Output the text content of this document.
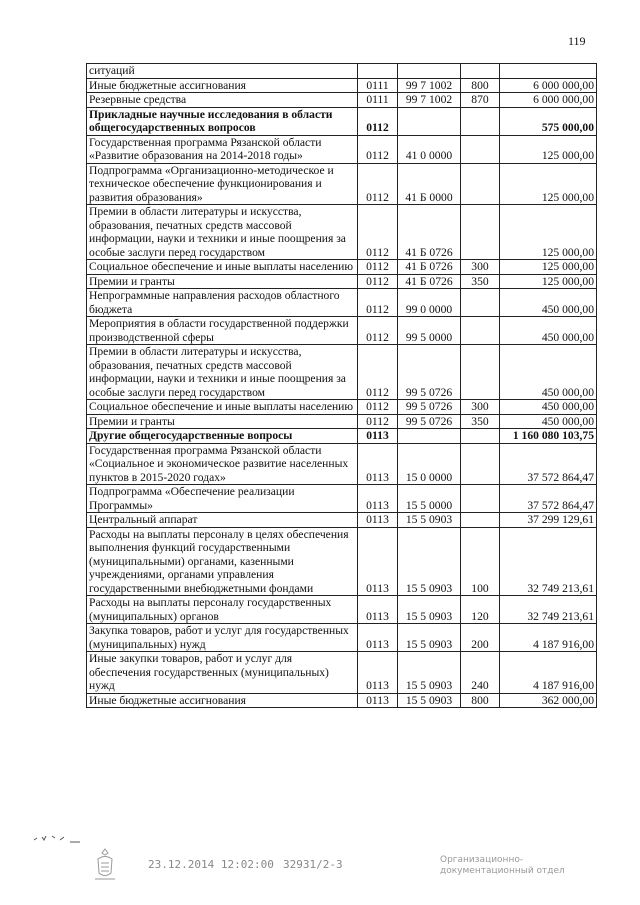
119
ситуаций				
Иные бюджетные ассигнования	0111	99 7 1002	800	6 000 000,00
Резервные средства	0111	99 7 1002	870	6 000 000,00
Прикладные научные исследования в области общегосударственных вопросов	0112			575 000,00
Государственная программа Рязанской области «Развитие образования на 2014-2018 годы»	0112	41 0 0000		125 000,00
Подпрограмма «Организационно-методическое и техническое обеспечение функционирования и развития образования»	0112	41 Б 0000		125 000,00
Премии в области литературы и искусства, образования, печатных средств массовой информации, науки и техники и иные поощрения за особые заслуги перед государством	0112	41 Б 0726		125 000,00
Социальное обеспечение и иные выплаты населению	0112	41 Б 0726	300	125 000,00
Премии и гранты	0112	41 Б 0726	350	125 000,00
Непрограммные направления расходов областного бюджета	0112	99 0 0000		450 000,00
Мероприятия в области государственной поддержки производственной сферы	0112	99 5 0000		450 000,00
Премии в области литературы и искусства, образования, печатных средств массовой информации, науки и техники и иные поощрения за особые заслуги перед государством	0112	99 5 0726		450 000,00
Социальное обеспечение и иные выплаты населению	0112	99 5 0726	300	450 000,00
Премии и гранты	0112	99 5 0726	350	450 000,00
Другие общегосударственные вопросы	0113			1 160 080 103,75
Государственная программа Рязанской области «Социальное и экономическое развитие населенных пунктов в 2015-2020 годах»	0113	15 0 0000		37 572 864,47
Подпрограмма «Обеспечение реализации Программы»	0113	15 5 0000		37 572 864,47
Центральный аппарат	0113	15 5 0903		37 299 129,61
Расходы на выплаты персоналу в целях обеспечения выполнения функций государственными (муниципальными) органами, казенными учреждениями, органами управления государственными внебюджетными фондами	0113	15 5 0903	100	32 749 213,61
Расходы на выплаты персоналу государственных (муниципальных) органов	0113	15 5 0903	120	32 749 213,61
Закупка товаров, работ и услуг для государственных (муниципальных) нужд	0113	15 5 0903	200	4 187 916,00
Иные закупки товаров, работ и услуг для обеспечения государственных (муниципальных) нужд	0113	15 5 0903	240	4 187 916,00
Иные бюджетные ассигнования	0113	15 5 0903	800	362 000,00
23.12.2014 12:02:00 32931/2-3	Организационно-
документационный отдел
